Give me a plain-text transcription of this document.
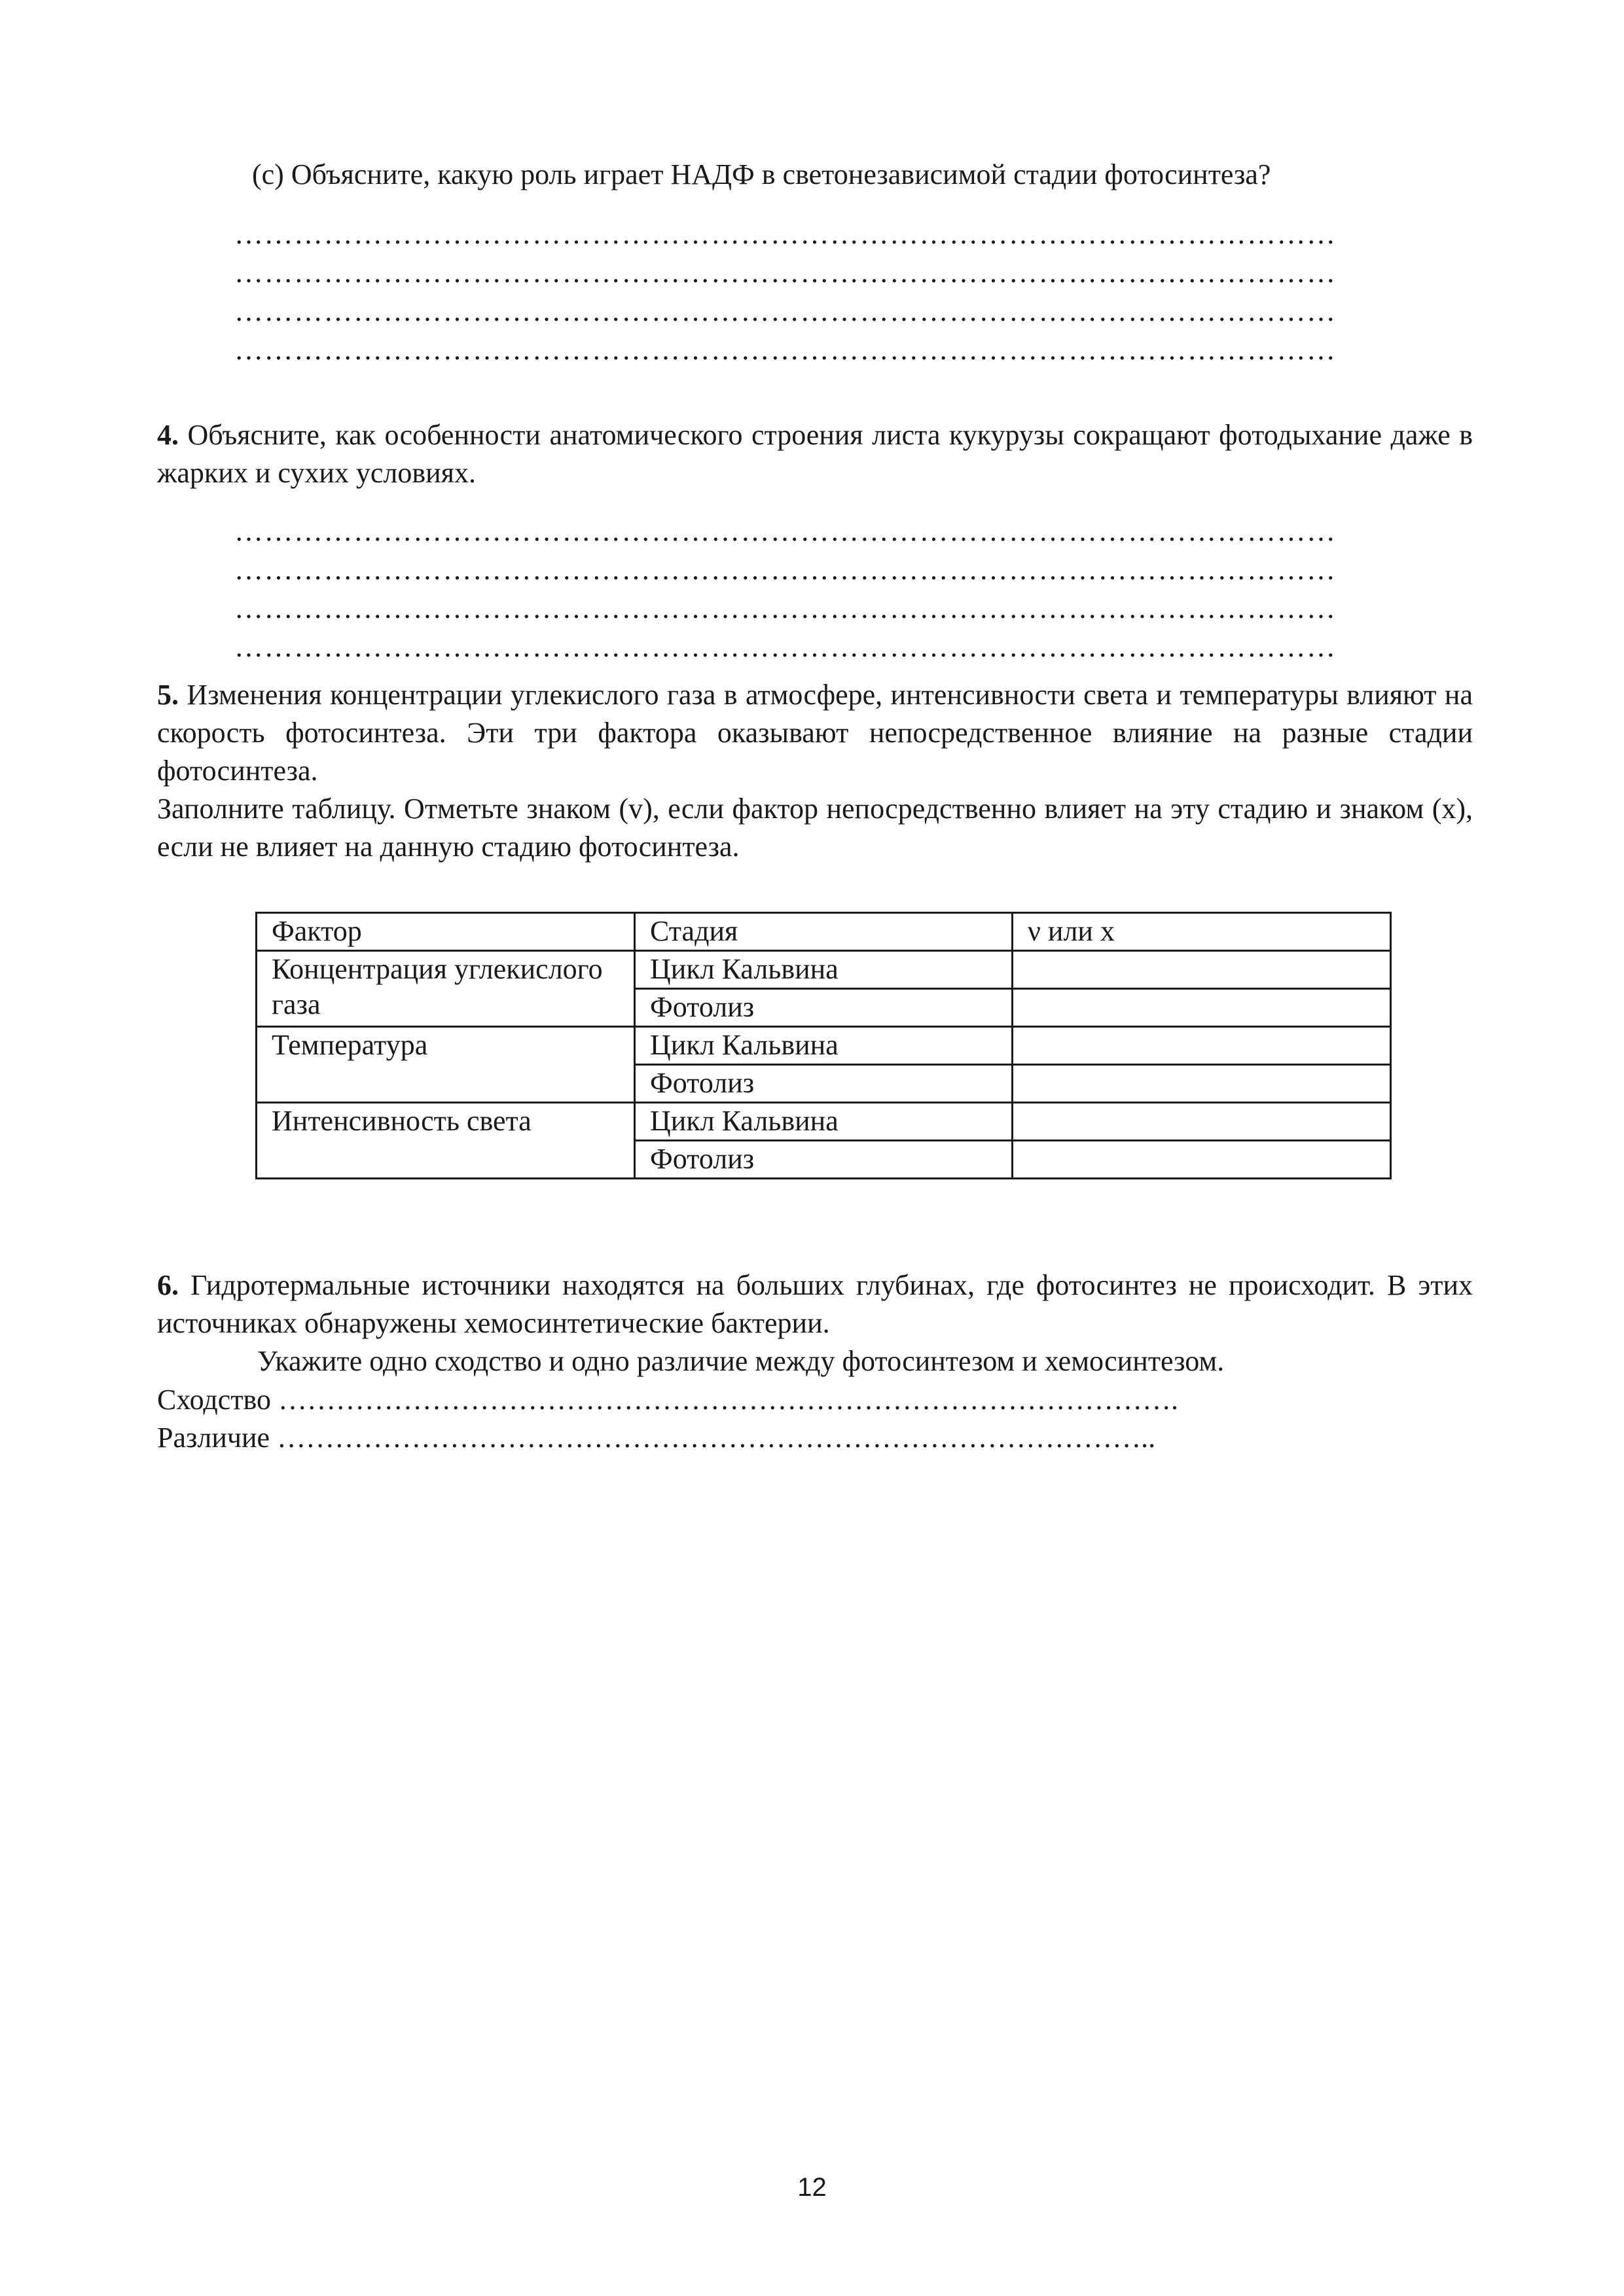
(с) Объясните, какую роль играет НАДФ в светонезависимой стадии фотосинтеза?
…………………………………………………………………………………………………
…………………………………………………………………………………………………
…………………………………………………………………………………………………
…………………………………………………………………………………………………
4. Объясните, как особенности анатомического строения листа кукурузы сокращают фотодыхание даже в жарких и сухих условиях.
…………………………………………………………………………………………………
…………………………………………………………………………………………………
…………………………………………………………………………………………………
…………………………………………………………………………………………………
5. Изменения концентрации углекислого газа в атмосфере, интенсивности света и температуры влияют на скорость фотосинтеза. Эти три фактора оказывают непосредственное влияние на разные стадии фотосинтеза.
Заполните таблицу. Отметьте знаком (v), если фактор непосредственно влияет на эту стадию и знаком (x), если не влияет на данную стадию фотосинтеза.
Фактор	Стадия	ν или x
Концентрация углекислого газа	Цикл Кальвина	
	Фотолиз	
Температура	Цикл Кальвина	
	Фотолиз	
Интенсивность света	Цикл Кальвина	
	Фотолиз	
6. Гидротермальные источники находятся на больших глубинах, где фотосинтез не происходит. В этих источниках обнаружены хемосинтетические бактерии.
Укажите одно сходство и одно различие между фотосинтезом и хемосинтезом.
Сходство ………………………………………………………………………………….
Различие ………………………………………………………………………………..
12
